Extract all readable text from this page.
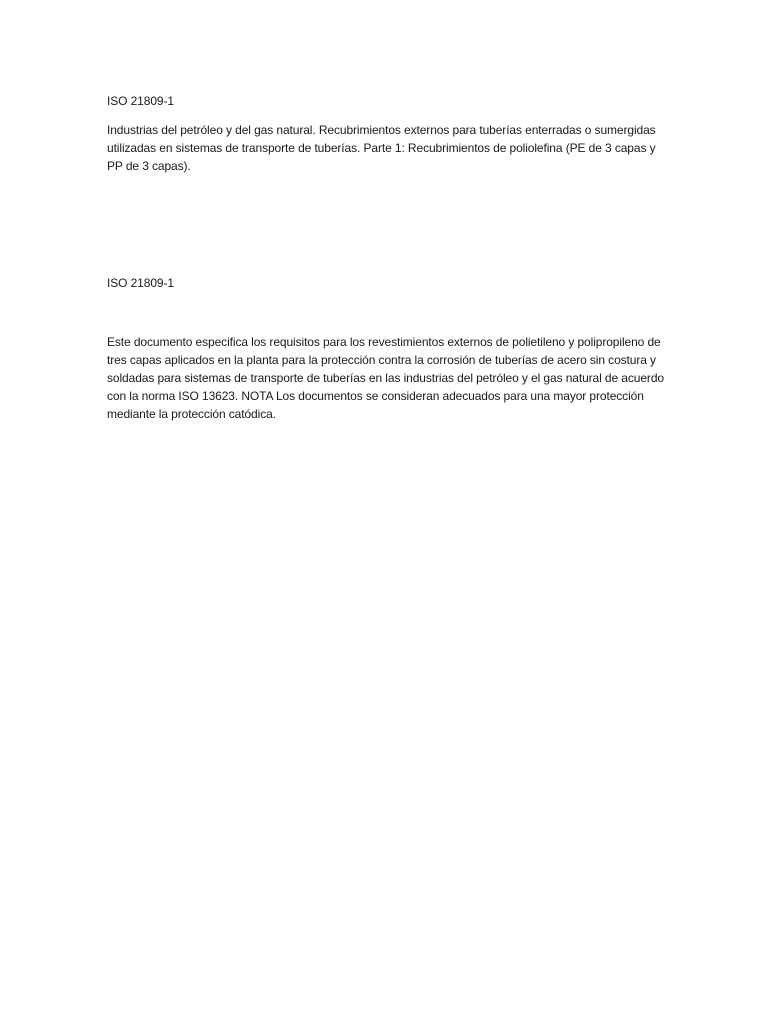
ISO 21809-1

Industrias del petróleo y del gas natural. Recubrimientos externos para tuberías enterradas o sumergidas utilizadas en sistemas de transporte de tuberías. Parte 1: Recubrimientos de poliolefina (PE de 3 capas y PP de 3 capas).

ISO 21809-1

Este documento especifica los requisitos para los revestimientos externos de polietileno y polipropileno de tres capas aplicados en la planta para la protección contra la corrosión de tuberías de acero sin costura y soldadas para sistemas de transporte de tuberías en las industrias del petróleo y el gas natural de acuerdo con la norma ISO 13623. NOTA Los documentos se consideran adecuados para una mayor protección mediante la protección catódica.
